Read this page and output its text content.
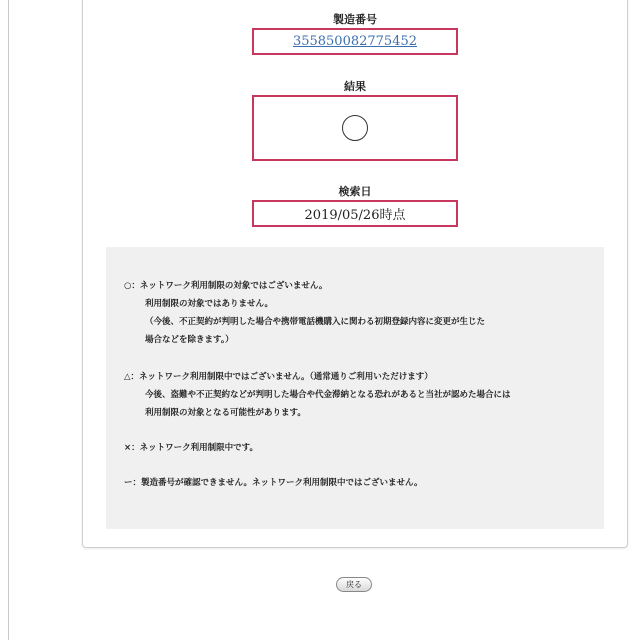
製造番号
355850082775452
結果
検索日
2019/05/26時点

○：ネットワーク利用制限の対象ではございません。

利用制限の対象ではありません。

（今後、不正契約が判明した場合や携帯電話機購入に関わる初期登録内容に変更が生じた

場合などを除きます。）

△：ネットワーク利用制限中ではございません。（通常通りご利用いただけます）

今後、盗難や不正契約などが判明した場合や代金滞納となる恐れがあると当社が認めた場合には

利用制限の対象となる可能性があります。

×：ネットワーク利用制限中です。

ー：製造番号が確認できません。ネットワーク利用制限中ではございません。

戻る
